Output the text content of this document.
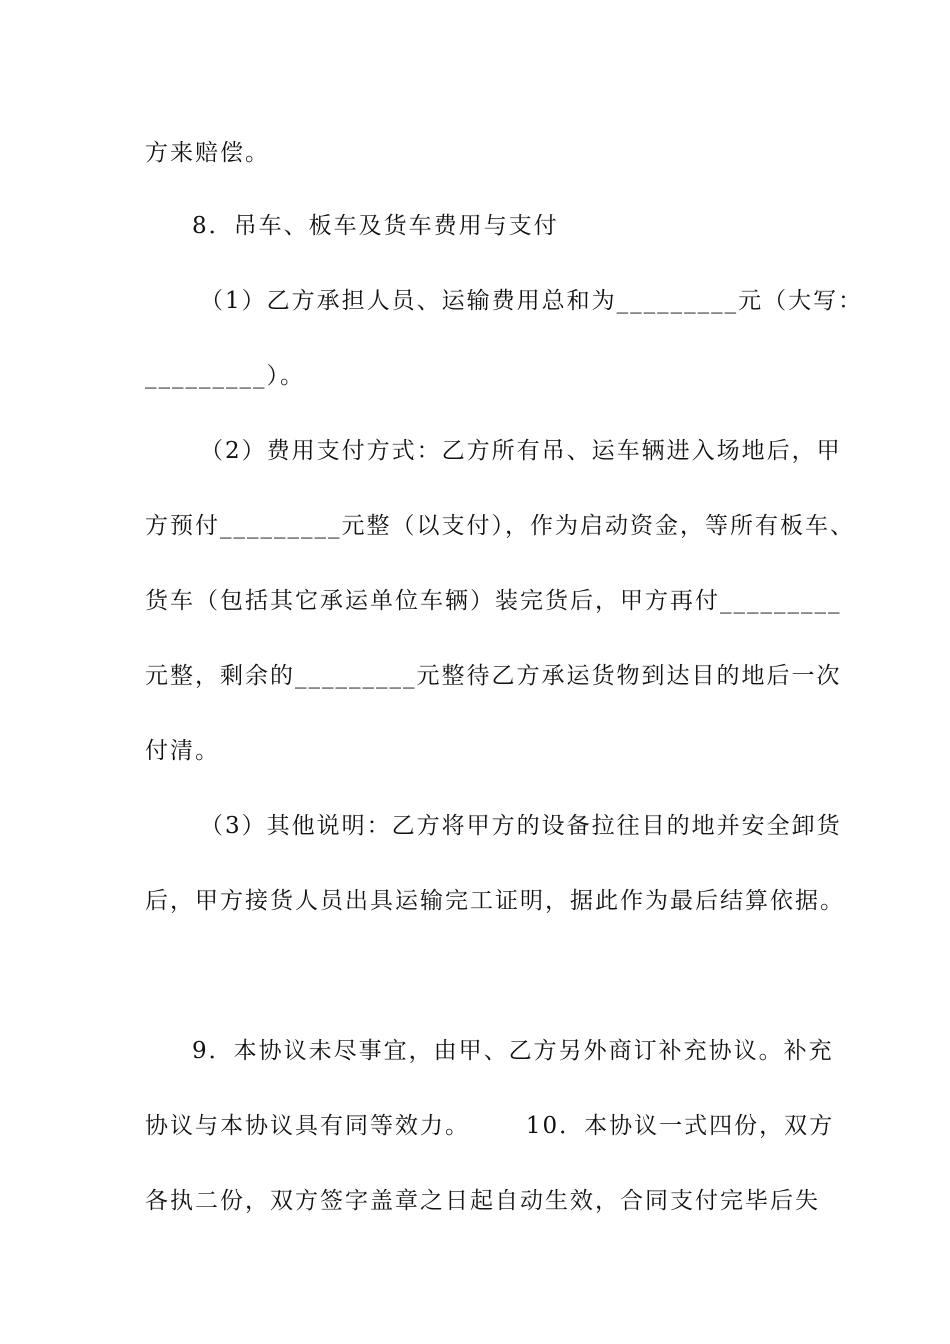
方来赔偿。
8．吊车、板车及货车费用与支付
（1）乙方承担人员、运输费用总和为_________元（大写：
_________）。
（2）费用支付方式：乙方所有吊、运车辆进入场地后，甲
方预付_________元整（以支付），作为启动资金，等所有板车、
货车（包括其它承运单位车辆）装完货后，甲方再付_________
元整，剩余的_________元整待乙方承运货物到达目的地后一次
付清。
（3）其他说明：乙方将甲方的设备拉往目的地并安全卸货
后，甲方接货人员出具运输完工证明，据此作为最后结算依据。
9．本协议未尽事宜，由甲、乙方另外商订补充协议。补充
协议与本协议具有同等效力。      10．本协议一式四份，双方
各执二份，双方签字盖章之日起自动生效，合同支付完毕后失
